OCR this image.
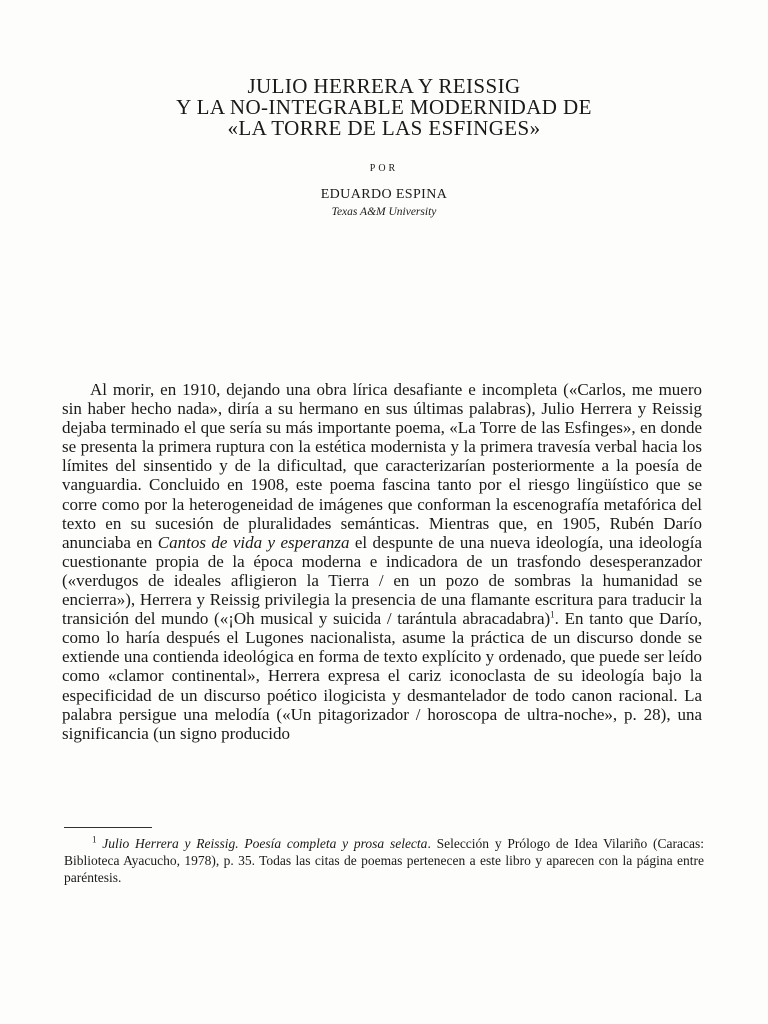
JULIO HERRERA Y REISSIG
Y LA NO-INTEGRABLE MODERNIDAD DE
«LA TORRE DE LAS ESFINGES»
POR
EDUARDO ESPINA
Texas A&M University

Al morir, en 1910, dejando una obra lírica desafiante e incompleta («Carlos, me muero sin haber hecho nada», diría a su hermano en sus últimas palabras), Julio Herrera y Reissig dejaba terminado el que sería su más importante poema, «La Torre de las Esfinges», en donde se presenta la primera ruptura con la estética modernista y la primera travesía verbal hacia los límites del sinsentido y de la dificultad, que caracterizarían posteriormente a la poesía de vanguardia. Concluido en 1908, este poema fascina tanto por el riesgo lingüístico que se corre como por la heterogeneidad de imágenes que conforman la escenografía metafórica del texto en su sucesión de pluralidades semánticas. Mientras que, en 1905, Rubén Darío anunciaba en Cantos de vida y esperanza el despunte de una nueva ideología, una ideología cuestionante propia de la época moderna e indicadora de un trasfondo desesperanzador («verdugos de ideales afligieron la Tierra / en un pozo de sombras la humanidad se encierra»), Herrera y Reissig privilegia la presencia de una flamante escritura para traducir la transición del mundo («¡Oh musical y suicida / tarántula abracadabra)$^1$. En tanto que Darío, como lo haría después el Lugones nacionalista, asume la práctica de un discurso donde se extiende una contienda ideológica en forma de texto explícito y ordenado, que puede ser leído como «clamor continental», Herrera expresa el cariz iconoclasta de su ideología bajo la especificidad de un discurso poético ilogicista y desmantelador de todo canon racional. La palabra persigue una melodía («Un pitagorizador / horoscopa de ultra-noche», p. 28), una significancia (un signo producido

$^1$ Julio Herrera y Reissig. Poesía completa y prosa selecta. Selección y Prólogo de Idea Vilariño (Caracas: Biblioteca Ayacucho, 1978), p. 35. Todas las citas de poemas pertenecen a este libro y aparecen con la página entre paréntesis.
